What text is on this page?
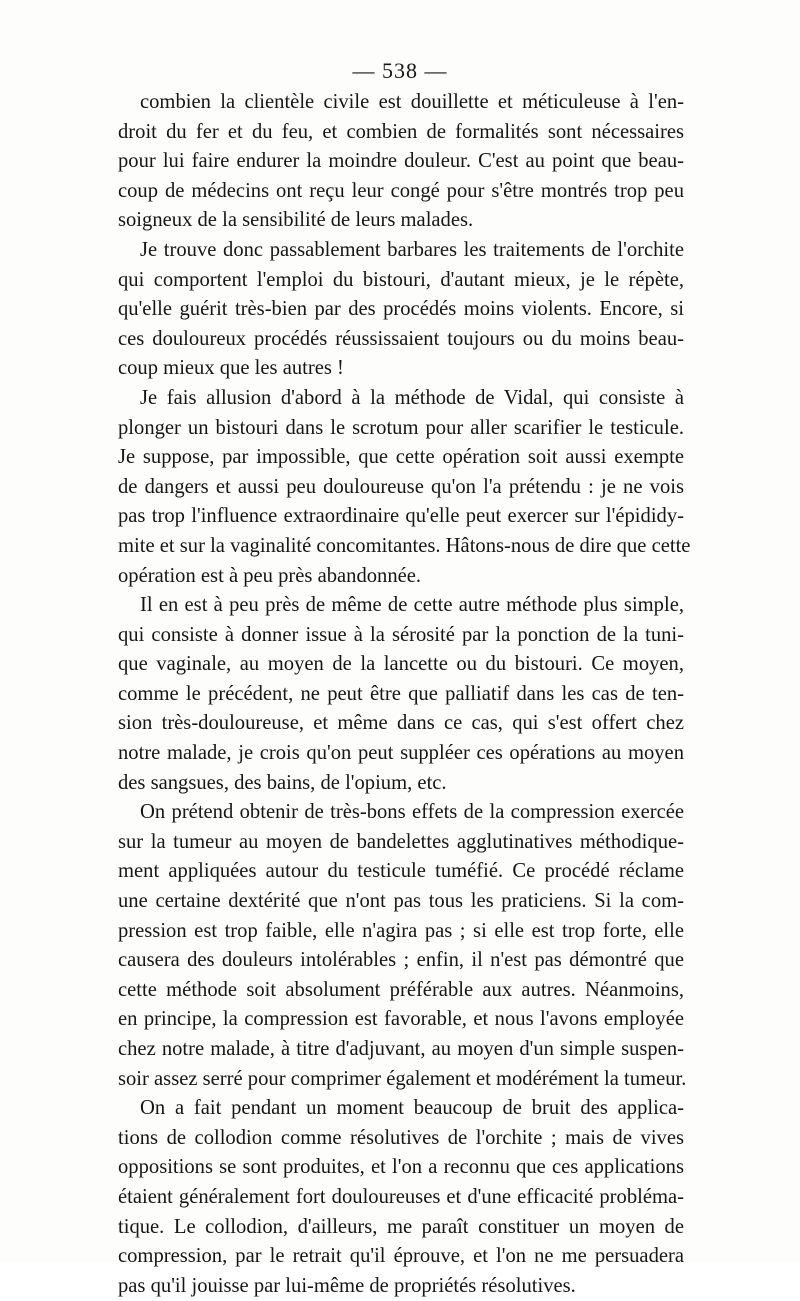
— 538 —
combien la clientèle civile est douillette et méticuleuse à l'en-
droit du fer et du feu, et combien de formalités sont nécessaires
pour lui faire endurer la moindre douleur. C'est au point que beau-
coup de médecins ont reçu leur congé pour s'être montrés trop peu
soigneux de la sensibilité de leurs malades.
Je trouve donc passablement barbares les traitements de l'orchite
qui comportent l'emploi du bistouri, d'autant mieux, je le répète,
qu'elle guérit très-bien par des procédés moins violents. Encore, si
ces douloureux procédés réussissaient toujours ou du moins beau-
coup mieux que les autres !
Je fais allusion d'abord à la méthode de Vidal, qui consiste à
plonger un bistouri dans le scrotum pour aller scarifier le testicule.
Je suppose, par impossible, que cette opération soit aussi exempte
de dangers et aussi peu douloureuse qu'on l'a prétendu : je ne vois
pas trop l'influence extraordinaire qu'elle peut exercer sur l'épididy-
mite et sur la vaginalité concomitantes. Hâtons-nous de dire que cette
opération est à peu près abandonnée.
Il en est à peu près de même de cette autre méthode plus simple,
qui consiste à donner issue à la sérosité par la ponction de la tuni-
que vaginale, au moyen de la lancette ou du bistouri. Ce moyen,
comme le précédent, ne peut être que palliatif dans les cas de ten-
sion très-douloureuse, et même dans ce cas, qui s'est offert chez
notre malade, je crois qu'on peut suppléer ces opérations au moyen
des sangsues, des bains, de l'opium, etc.
On prétend obtenir de très-bons effets de la compression exercée
sur la tumeur au moyen de bandelettes agglutinatives méthodique-
ment appliquées autour du testicule tuméfié. Ce procédé réclame
une certaine dextérité que n'ont pas tous les praticiens. Si la com-
pression est trop faible, elle n'agira pas ; si elle est trop forte, elle
causera des douleurs intolérables ; enfin, il n'est pas démontré que
cette méthode soit absolument préférable aux autres. Néanmoins,
en principe, la compression est favorable, et nous l'avons employée
chez notre malade, à titre d'adjuvant, au moyen d'un simple suspen-
soir assez serré pour comprimer également et modérément la tumeur.
On a fait pendant un moment beaucoup de bruit des applica-
tions de collodion comme résolutives de l'orchite ; mais de vives
oppositions se sont produites, et l'on a reconnu que ces applications
étaient généralement fort douloureuses et d'une efficacité probléma-
tique. Le collodion, d'ailleurs, me paraît constituer un moyen de
compression, par le retrait qu'il éprouve, et l'on ne me persuadera
pas qu'il jouisse par lui-même de propriétés résolutives.
